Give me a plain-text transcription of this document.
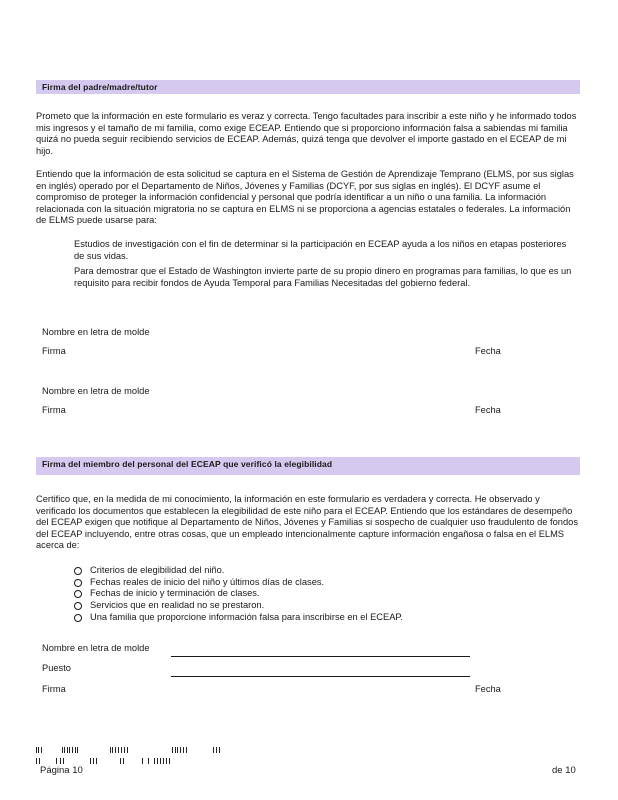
Firma del padre/madre/tutor

Prometo que la información en este formulario es veraz y correcta. Tengo facultades para inscribir a este niño y he informado todos mis ingresos y el tamaño de mi familia, como exige ECEAP. Entiendo que si proporciono información falsa a sabiendas mi familia quizá no pueda seguir recibiendo servicios de ECEAP. Además, quizá tenga que devolver el importe gastado en el ECEAP de mi hijo.

Entiendo que la información de esta solicitud se captura en el Sistema de Gestión de Aprendizaje Temprano (ELMS, por sus siglas en inglés) operado por el Departamento de Niños, Jóvenes y Familias (DCYF, por sus siglas en inglés). El DCYF asume el compromiso de proteger la información confidencial y personal que podría identificar a un niño o una familia. La información relacionada con la situación migratoria no se captura en ELMS ni se proporciona a agencias estatales o federales. La información de ELMS puede usarse para:

Estudios de investigación con el fin de determinar si la participación en ECEAP ayuda a los niños en etapas posteriores de sus vidas.
Para demostrar que el Estado de Washington invierte parte de su propio dinero en programas para familias, lo que es un requisito para recibir fondos de Ayuda Temporal para Familias Necesitadas del gobierno federal.
Nombre en letra de molde
Firma	Fecha
Nombre en letra de molde
Firma	Fecha
Firma del miembro del personal del ECEAP que verificó la elegibilidad

Certifico que, en la medida de mi conocimiento, la información en este formulario es verdadera y correcta. He observado y verificado los documentos que establecen la elegibilidad de este niño para el ECEAP. Entiendo que los estándares de desempeño del ECEAP exigen que notifique al Departamento de Niños, Jóvenes y Familias si sospecho de cualquier uso fraudulento de fondos del ECEAP incluyendo, entre otras cosas, que un empleado intencionalmente capture información engañosa o falsa en el ELMS acerca de:

Criterios de elegibilidad del niño.
Fechas reales de inicio del niño y últimos días de clases.
Fechas de inicio y terminación de clases.
Servicios que en realidad no se prestaron.
Una familia que proporcione información falsa para inscribirse en el ECEAP.
Nombre en letra de molde
Puesto
Firma	Fecha
Página 10	de 10
